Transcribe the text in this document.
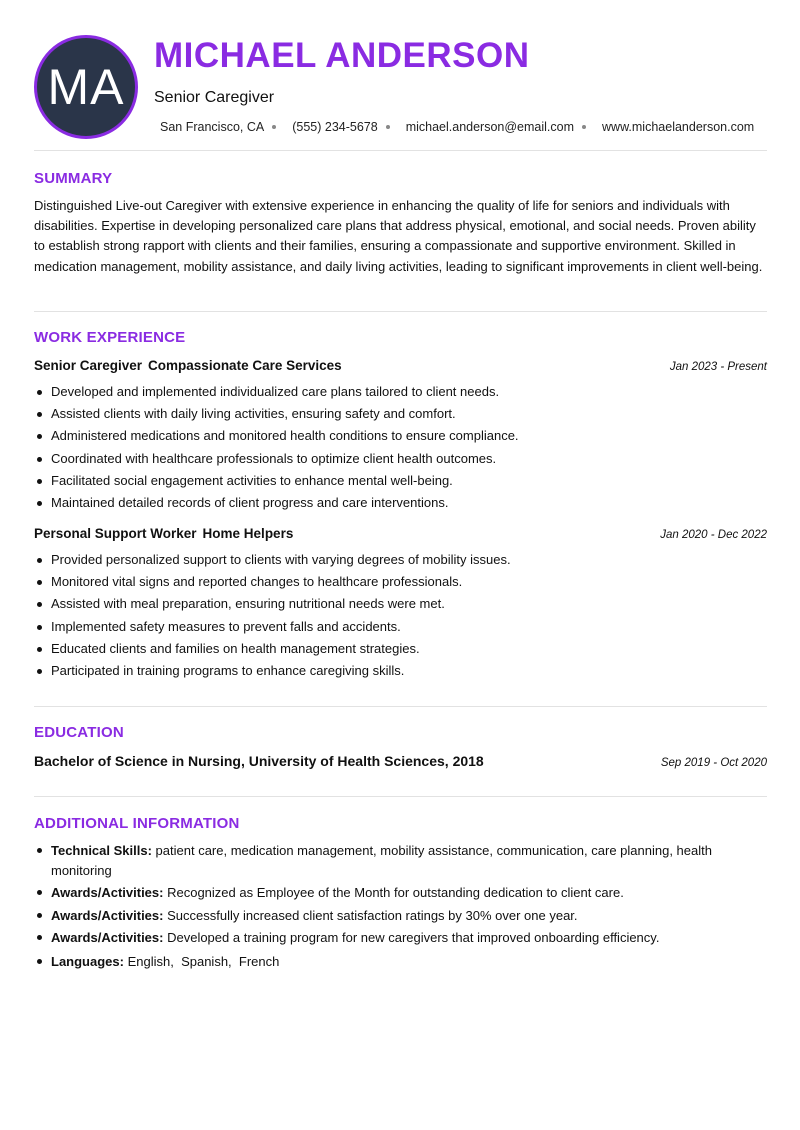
MA
MICHAEL ANDERSON
Senior Caregiver
San Francisco, CA (555) 234-5678 michael.anderson@email.com www.michaelanderson.com
SUMMARY
Distinguished Live-out Caregiver with extensive experience in enhancing the quality of life for seniors and individuals with disabilities. Expertise in developing personalized care plans that address physical, emotional, and social needs. Proven ability to establish strong rapport with clients and their families, ensuring a compassionate and supportive environment. Skilled in medication management, mobility assistance, and daily living activities, leading to significant improvements in client well-being.
WORK EXPERIENCE
Senior Caregiver Compassionate Care Services	Jan 2023 - Present
Developed and implemented individualized care plans tailored to client needs.
Assisted clients with daily living activities, ensuring safety and comfort.
Administered medications and monitored health conditions to ensure compliance.
Coordinated with healthcare professionals to optimize client health outcomes.
Facilitated social engagement activities to enhance mental well-being.
Maintained detailed records of client progress and care interventions.
Personal Support Worker Home Helpers	Jan 2020 - Dec 2022
Provided personalized support to clients with varying degrees of mobility issues.
Monitored vital signs and reported changes to healthcare professionals.
Assisted with meal preparation, ensuring nutritional needs were met.
Implemented safety measures to prevent falls and accidents.
Educated clients and families on health management strategies.
Participated in training programs to enhance caregiving skills.
EDUCATION
Bachelor of Science in Nursing, University of Health Sciences, 2018	Sep 2019 - Oct 2020
ADDITIONAL INFORMATION
Technical Skills: patient care, medication management, mobility assistance, communication, care planning, health monitoring
Awards/Activities: Recognized as Employee of the Month for outstanding dedication to client care.
Awards/Activities: Successfully increased client satisfaction ratings by 30% over one year.
Awards/Activities: Developed a training program for new caregivers that improved onboarding efficiency.
Languages: English,  Spanish,  French
